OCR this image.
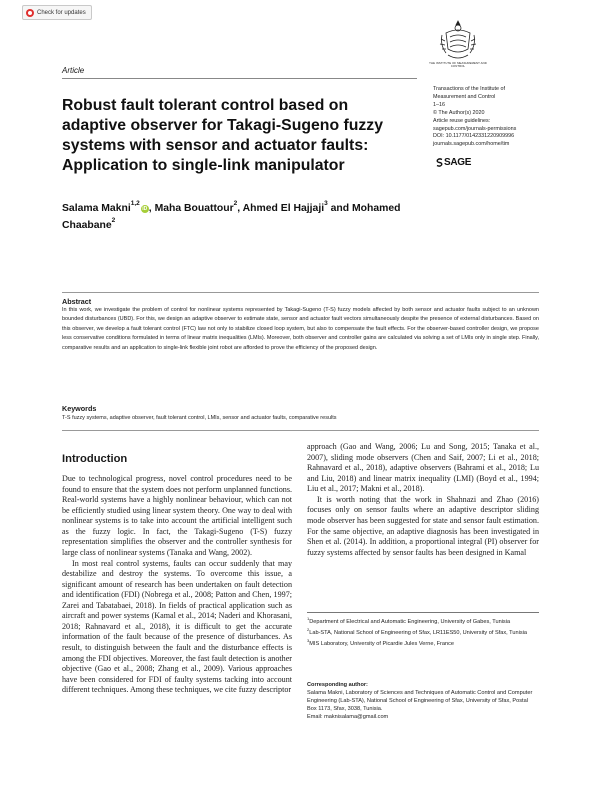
Check for updates
THE INSTITUTE OF MEASUREMENT AND CONTROL
Article
Transactions of the Institute of
Measurement and Control
1–16
© The Author(s) 2020
Article reuse guidelines:
sagepub.com/journals-permissions
DOI: 10.1177/0142331220909996
journals.sagepub.com/home/tim
SAGE
Robust fault tolerant control based on adaptive observer for Takagi-Sugeno fuzzy systems with sensor and actuator faults: Application to single-link manipulator
Salama Makni$^{1,2}$iD , Maha Bouattour$^2$, Ahmed El Hajjaji$^3$ and Mohamed Chaabane$^2$
Abstract
In this work, we investigate the problem of control for nonlinear systems represented by Takagi-Sugeno (T-S) fuzzy models affected by both sensor and actuator faults subject to an unknown bounded disturbances (UBD). For this, we design an adaptive observer to estimate state, sensor and actuator fault vectors simultaneously despite the presence of external disturbances. Based on this observer, we develop a fault tolerant control (FTC) law not only to stabilize closed loop system, but also to compensate the fault effects. For the observer-based controller design, we propose less conservative conditions formulated in terms of linear matrix inequalities (LMIs). Moreover, both observer and controller gains are calculated via solving a set of LMIs only in single step. Finally, comparative results and an application to single-link flexible joint robot are afforded to prove the efficiency of the proposed design.
Keywords
T-S fuzzy systems, adaptive observer, fault tolerant control, LMIs, sensor and actuator faults, comparative results
Introduction

Due to technological progress, novel control procedures need to be found to ensure that the system does not perform unplanned functions. Real-world systems have a highly nonlinear behaviour, which can not be efficiently studied using linear system theory. One way to deal with nonlinear systems is to take into account the artificial intelligent such as the fuzzy logic. In fact, the Takagi-Sugeno (T-S) fuzzy representation simplifies the observer and the controller synthesis for large class of nonlinear systems (Tanaka and Wang, 2002).

In most real control systems, faults can occur suddenly that may destabilize and destroy the systems. To overcome this issue, a significant amount of research has been undertaken on fault detection and identification (FDI) (Nobrega et al., 2008; Patton and Chen, 1997; Zarei and Tabatabaei, 2018). In fields of practical application such as aircraft and power systems (Kamal et al., 2014; Naderi and Khorasani, 2018; Rahnavard et al., 2018), it is difficult to get the accurate information of the fault because of the presence of disturbances. As result, to distinguish between the fault and the disturbance effects is among the FDI objectives. Moreover, the fast fault detection is another objective (Gao et al., 2008; Zhang et al., 2009). Various approaches have been considered for FDI of faulty systems tacking into account different techniques. Among these techniques, we cite fuzzy descriptor

approach (Gao and Wang, 2006; Lu and Song, 2015; Tanaka et al., 2007), sliding mode observers (Chen and Saif, 2007; Li et al., 2018; Rahnavard et al., 2018), adaptive observers (Bahrami et al., 2018; Lu and Liu, 2018) and linear matrix inequality (LMI) (Boyd et al., 1994; Liu et al., 2017; Makni et al., 2018).

It is worth noting that the work in Shahnazi and Zhao (2016) focuses only on sensor faults where an adaptive descriptor sliding mode observer has been suggested for state and sensor fault estimation. For the same objective, an adaptive diagnosis has been investigated in Shen et al. (2014). In addition, a proportional integral (PI) observer for fuzzy systems affected by sensor faults has been designed in Kamal

$^1$Department of Electrical and Automatic Engineering, University of Gabes, Tunisia

$^2$Lab-STA, National School of Engineering of Sfax, LR11ES50, University of Sfax, Tunisia

$^3$MIS Laboratory, University of Picardie Jules Verne, France

Corresponding author:
Salama Makni, Laboratory of Sciences and Techniques of Automatic Control and Computer Engineering (Lab-STA), National School of Engineering of Sfax, University of Sfax, Postal Box 1173, Sfax, 3038, Tunisia.
Email: maknisalama@gmail.com
